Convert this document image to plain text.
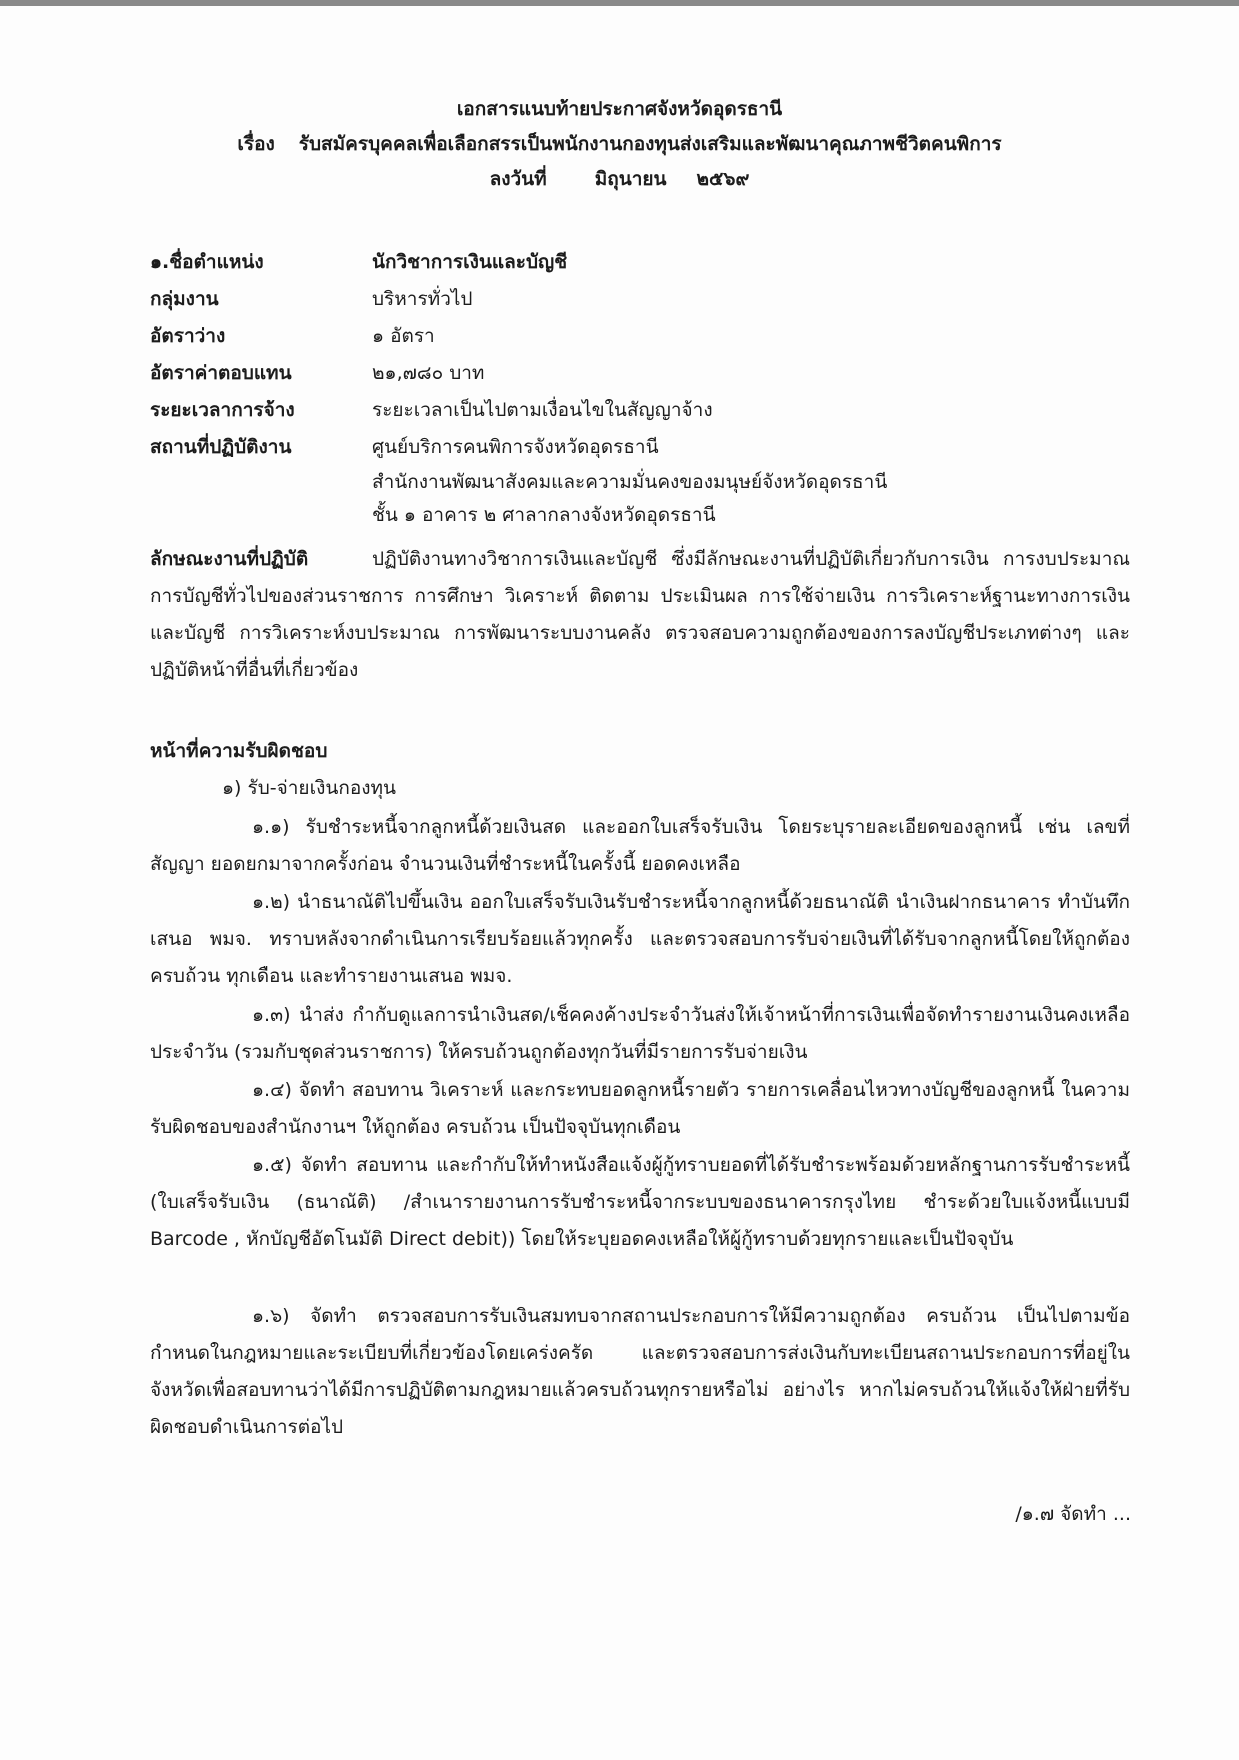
เอกสารแนบท้ายประกาศจังหวัดอุดรธานี
เรื่อง รับสมัครบุคคลเพื่อเลือกสรรเป็นพนักงานกองทุนส่งเสริมและพัฒนาคุณภาพชีวิตคนพิการ
ลงวันที่	มิถุนายน ๒๕๖๙
๑.ชื่อตำแหน่ง	นักวิชาการเงินและบัญชี
กลุ่มงาน	บริหารทั่วไป
อัตราว่าง	๑ อัตรา
อัตราค่าตอบแทน	๒๑,๗๘๐ บาท
ระยะเวลาการจ้าง	ระยะเวลาเป็นไปตามเงื่อนไขในสัญญาจ้าง
สถานที่ปฏิบัติงาน	ศูนย์บริการคนพิการจังหวัดอุดรธานี
สำนักงานพัฒนาสังคมและความมั่นคงของมนุษย์จังหวัดอุดรธานี
ชั้น ๑ อาคาร ๒ ศาลากลางจังหวัดอุดรธานี
ลักษณะงานที่ปฏิบัติ	ปฏิบัติงานทางวิชาการเงินและบัญชี ซึ่งมีลักษณะงานที่ปฏิบัติเกี่ยวกับการเงิน การงบประมาณ การบัญชีทั่วไปของส่วนราชการ การศึกษา วิเคราะห์ ติดตาม ประเมินผล การใช้จ่ายเงิน การวิเคราะห์ฐานะทางการเงินและบัญชี การวิเคราะห์งบประมาณ การพัฒนาระบบงานคลัง ตรวจสอบความถูกต้องของการลงบัญชีประเภทต่างๆ และปฏิบัติหน้าที่อื่นที่เกี่ยวข้อง
หน้าที่ความรับผิดชอบ
๑) รับ-จ่ายเงินกองทุน
๑.๑) รับชำระหนี้จากลูกหนี้ด้วยเงินสด และออกใบเสร็จรับเงิน โดยระบุรายละเอียดของลูกหนี้ เช่น เลขที่สัญญา ยอดยกมาจากครั้งก่อน จำนวนเงินที่ชำระหนี้ในครั้งนี้ ยอดคงเหลือ
๑.๒) นำธนาณัติไปขึ้นเงิน ออกใบเสร็จรับเงินรับชำระหนี้จากลูกหนี้ด้วยธนาณัติ นำเงินฝากธนาคาร ทำบันทึกเสนอ พมจ. ทราบหลังจากดำเนินการเรียบร้อยแล้วทุกครั้ง และตรวจสอบการรับจ่ายเงินที่ได้รับจากลูกหนี้โดยให้ถูกต้อง ครบถ้วน ทุกเดือน และทำรายงานเสนอ พมจ.
๑.๓) นำส่ง กำกับดูแลการนำเงินสด/เช็คคงค้างประจำวันส่งให้เจ้าหน้าที่การเงินเพื่อจัดทำรายงานเงินคงเหลือประจำวัน (รวมกับชุดส่วนราชการ) ให้ครบถ้วนถูกต้องทุกวันที่มีรายการรับจ่ายเงิน
๑.๔) จัดทำ สอบทาน วิเคราะห์ และกระทบยอดลูกหนี้รายตัว รายการเคลื่อนไหวทางบัญชีของลูกหนี้ ในความรับผิดชอบของสำนักงานฯ ให้ถูกต้อง ครบถ้วน เป็นปัจจุบันทุกเดือน
๑.๕) จัดทำ สอบทาน และกำกับให้ทำหนังสือแจ้งผู้กู้ทราบยอดที่ได้รับชำระพร้อมด้วยหลักฐานการรับชำระหนี้ (ใบเสร็จรับเงิน (ธนาณัติ) /สำเนารายงานการรับชำระหนี้จากระบบของธนาคารกรุงไทย ชำระด้วยใบแจ้งหนี้แบบมี Barcode , หักบัญชีอัตโนมัติ Direct debit)) โดยให้ระบุยอดคงเหลือให้ผู้กู้ทราบด้วยทุกรายและเป็นปัจจุบัน
๑.๖) จัดทำ ตรวจสอบการรับเงินสมทบจากสถานประกอบการให้มีความถูกต้อง ครบถ้วน เป็นไปตามข้อกำหนดในกฎหมายและระเบียบที่เกี่ยวข้องโดยเคร่งครัด และตรวจสอบการส่งเงินกับทะเบียนสถานประกอบการที่อยู่ในจังหวัดเพื่อสอบทานว่าได้มีการปฏิบัติตามกฎหมายแล้วครบถ้วนทุกรายหรือไม่ อย่างไร หากไม่ครบถ้วนให้แจ้งให้ฝ่ายที่รับผิดชอบดำเนินการต่อไป
/๑.๗ จัดทำ ...
